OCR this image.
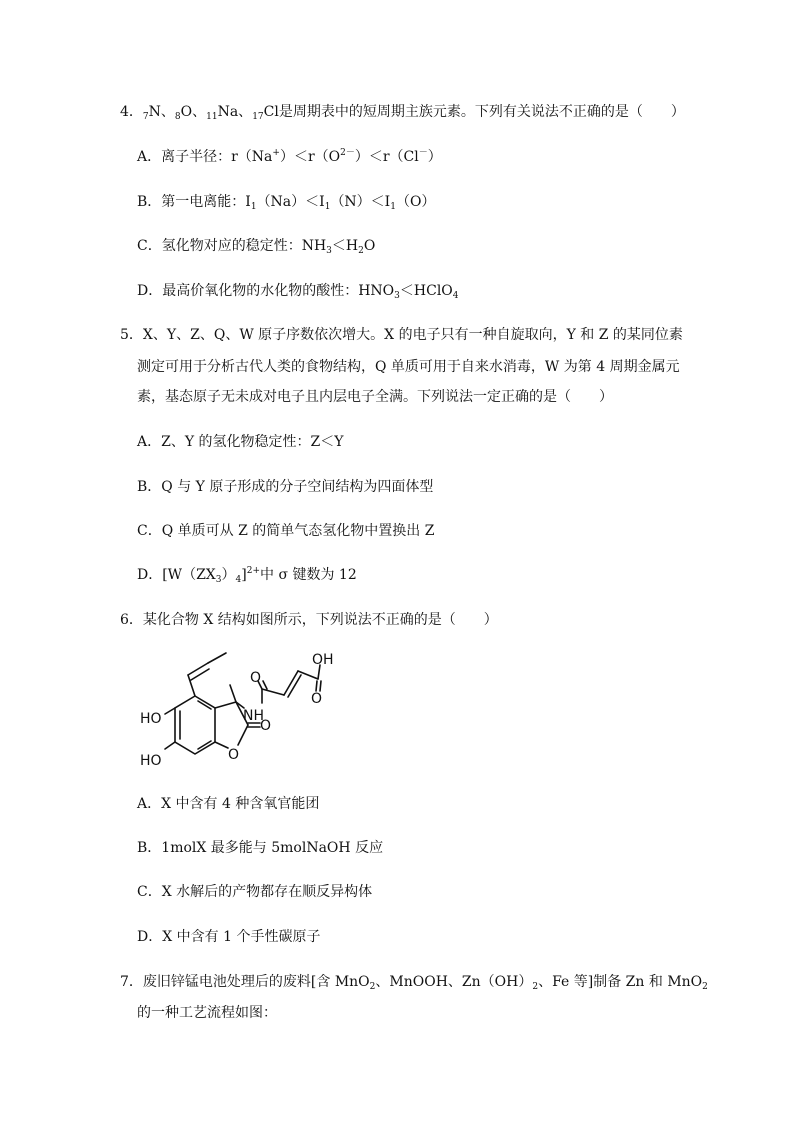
4．$_7$N、$_8$O、$_{11}$Na、$_{17}$Cl是周期表中的短周期主族元素。下列有关说法不正确的是（　　）
A．离子半径：$r(Na^+)<r(O^{2-})<r(Cl^-)$
B．第一电离能：$I_1(Na)<I_1(N)<I_1(O)$
C．氢化物对应的稳定性：$NH_3<H_2O$
D．最高价氧化物的水化物的酸性：$HNO_3<HClO_4$
5．X、Y、Z、Q、W 原子序数依次增大。X 的电子只有一种自旋取向，Y 和 Z 的某同位素
测定可用于分析古代人类的食物结构，Q 单质可用于自来水消毒，W 为第 4 周期金属元
素，基态原子无未成对电子且内层电子全满。下列说法一定正确的是（　　）
A．Z、Y 的氢化物稳定性：Z＜Y
B．Q 与 Y 原子形成的分子空间结构为四面体型
C．Q 单质可从 Z 的简单气态氢化物中置换出 Z
D．$[W(ZX_3)_4]^{2+}$中 σ 键数为 12
6．某化合物 X 结构如图所示，下列说法不正确的是（　　）
OH
O
O
NH
HO
HO	O
O
A．X 中含有 4 种含氧官能团
B．1molX 最多能与 5molNaOH 反应
C．X 水解后的产物都存在顺反异构体
D．X 中含有 1 个手性碳原子
7．废旧锌锰电池处理后的废料[含 MnO$_2$、MnOOH、$Zn(OH)_2$、Fe 等]制备 Zn 和 MnO$_2$
的一种工艺流程如图：
